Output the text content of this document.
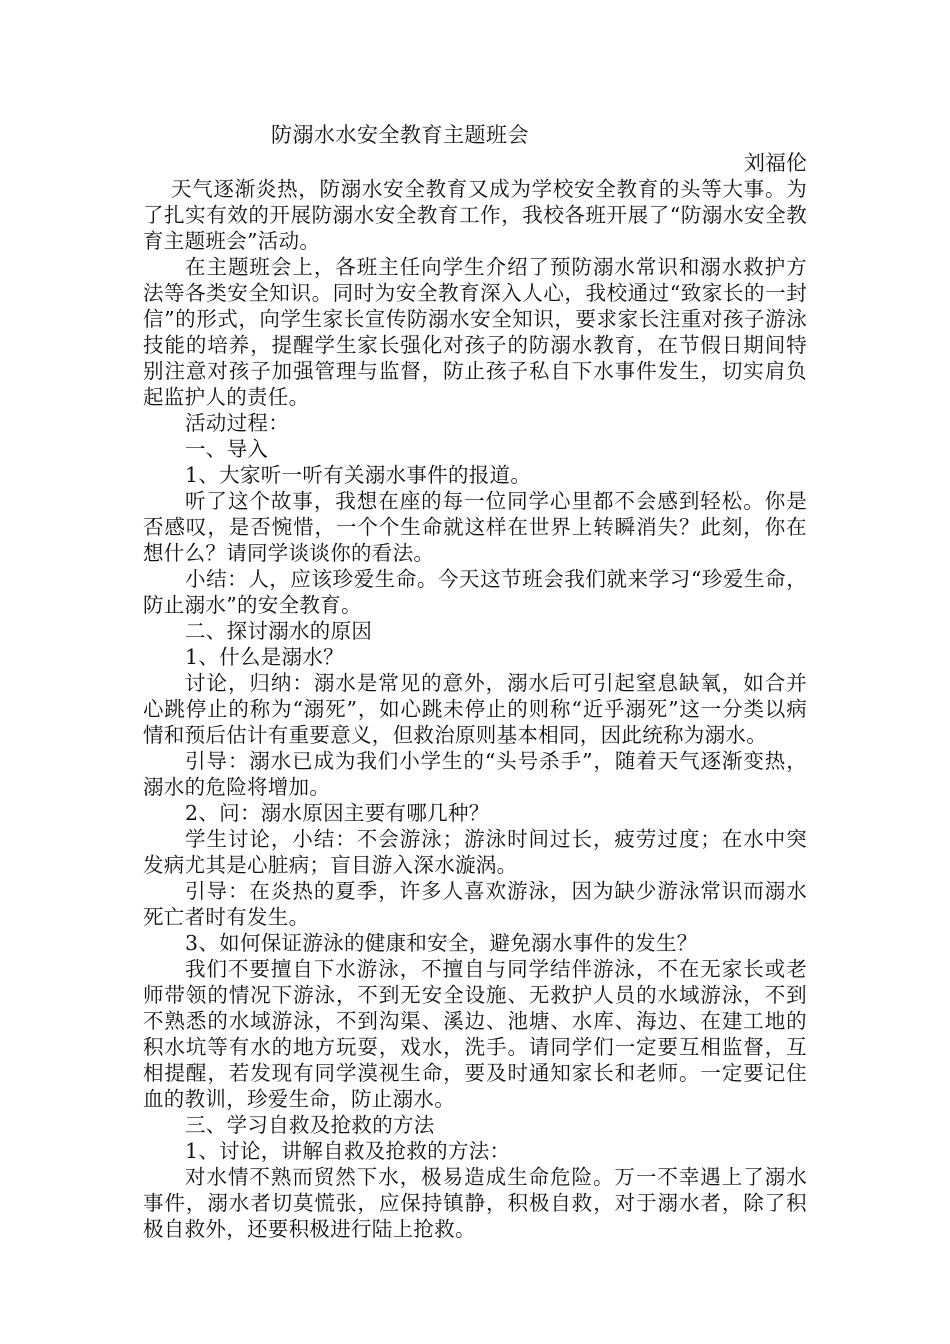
防溺水水安全教育主题班会

刘福伦

天气逐渐炎热，防溺水安全教育又成为学校安全教育的头等大事。为了扎实有效的开展防溺水安全教育工作，我校各班开展了“防溺水安全教育主题班会”活动。

在主题班会上，各班主任向学生介绍了预防溺水常识和溺水救护方法等各类安全知识。同时为安全教育深入人心，我校通过“致家长的一封信”的形式，向学生家长宣传防溺水安全知识，要求家长注重对孩子游泳技能的培养，提醒学生家长强化对孩子的防溺水教育，在节假日期间特别注意对孩子加强管理与监督，防止孩子私自下水事件发生，切实肩负起监护人的责任。

活动过程：

一、导入

1、大家听一听有关溺水事件的报道。

听了这个故事，我想在座的每一位同学心里都不会感到轻松。你是否感叹，是否惋惜，一个个生命就这样在世界上转瞬消失？此刻，你在想什么？请同学谈谈你的看法。

小结：人，应该珍爱生命。今天这节班会我们就来学习“珍爱生命，防止溺水”的安全教育。

二、探讨溺水的原因

1、什么是溺水？

讨论，归纳：溺水是常见的意外，溺水后可引起窒息缺氧，如合并心跳停止的称为“溺死”，如心跳未停止的则称“近乎溺死”这一分类以病情和预后估计有重要意义，但救治原则基本相同，因此统称为溺水。

引导：溺水已成为我们小学生的“头号杀手”，随着天气逐渐变热，溺水的危险将增加。

2、问：溺水原因主要有哪几种？

学生讨论，小结：不会游泳；游泳时间过长，疲劳过度；在水中突发病尤其是心脏病；盲目游入深水漩涡。

引导：在炎热的夏季，许多人喜欢游泳，因为缺少游泳常识而溺水死亡者时有发生。

3、如何保证游泳的健康和安全，避免溺水事件的发生？

我们不要擅自下水游泳，不擅自与同学结伴游泳，不在无家长或老师带领的情况下游泳，不到无安全设施、无救护人员的水域游泳，不到不熟悉的水域游泳，不到沟渠、溪边、池塘、水库、海边、在建工地的积水坑等有水的地方玩耍，戏水，洗手。请同学们一定要互相监督，互相提醒，若发现有同学漠视生命，要及时通知家长和老师。一定要记住血的教训，珍爱生命，防止溺水。

三、学习自救及抢救的方法

1、讨论，讲解自救及抢救的方法：

对水情不熟而贸然下水，极易造成生命危险。万一不幸遇上了溺水事件，溺水者切莫慌张，应保持镇静，积极自救，对于溺水者，除了积极自救外，还要积极进行陆上抢救。
